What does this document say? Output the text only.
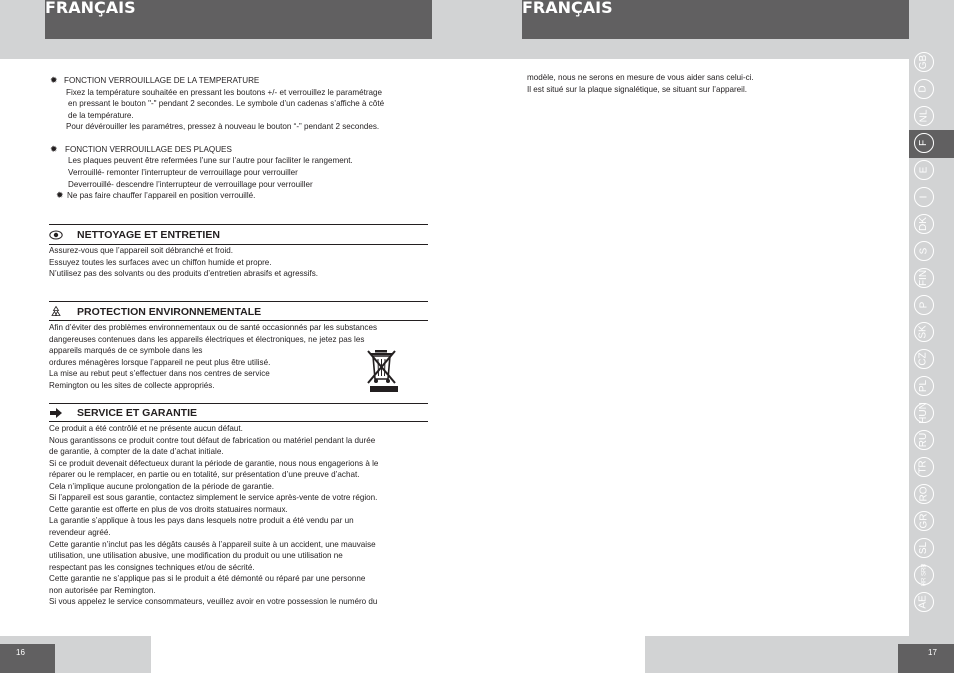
FRANÇAIS	FRANÇAIS
16	17
GB
D
NL
F
E
I
DK
S
FIN
P
SK
CZ
PL
HUN
RU
TR
RO
GR
SL
HR SRB
AE
✹ FONCTION VERROUILLAGE DE LA TEMPERATURE
Fixez la température souhaitée en pressant les boutons +/- et verrouillez le paramétrage
en pressant le bouton "-" pendant 2 secondes. Le symbole d’un cadenas s’affiche à côté
de la température.
Pour dévérouiller les paramétres, pressez à nouveau le bouton “-” pendant 2 secondes.
✹ FONCTION VERROUILLAGE DES PLAQUES
Les plaques peuvent être refermées l’une sur l’autre pour faciliter le rangement.
Verrouillé- remonter l’interrupteur de verrouillage pour verrouiller
Deverrouillé- descendre l’interrupteur de verrouillage pour verrouiller
✹ Ne pas faire chauffer l’appareil en position verrouillé.
NETTOYAGE ET ENTRETIEN
Assurez-vous que l’appareil soit débranché et froid.
Essuyez toutes les surfaces avec un chiffon humide et propre.
N’utilisez pas des solvants ou des produits d’entretien abrasifs et agressifs.
PROTECTION ENVIRONNEMENTALE
Afin d’éviter des problèmes environnementaux ou de santé occasionnés par les substances
dangereuses contenues dans les appareils électriques et électroniques, ne jetez pas les
appareils marqués de ce symbole dans les
ordures ménagères lorsque l’appareil ne peut plus être utilisé.
La mise au rebut peut s’effectuer dans nos centres de service
Remington ou les sites de collecte appropriés.
SERVICE ET GARANTIE
Ce produit a été contrôlé et ne présente aucun défaut.
Nous garantissons ce produit contre tout défaut de fabrication ou matériel pendant la durée
de garantie, à compter de la date d’achat initiale.
Si ce produit devenait défectueux durant la période de garantie, nous nous engagerions à le
réparer ou le remplacer, en partie ou en totalité, sur présentation d’une preuve d’achat.
Cela n’implique aucune prolongation de la période de garantie.
Si l’appareil est sous garantie, contactez simplement le service après-vente de votre région.
Cette garantie est offerte en plus de vos droits statuaires normaux.
La garantie s’applique à tous les pays dans lesquels notre produit a été vendu par un
revendeur agréé.
Cette garantie n’inclut pas les dégâts causés à l’appareil suite à un accident, une mauvaise
utilisation, une utilisation abusive, une modification du produit ou une utilisation ne
respectant pas les consignes techniques et/ou de sécrité.
Cette garantie ne s’applique pas si le produit a été démonté ou réparé par une personne
non autorisée par Remington.
Si vous appelez le service consommateurs, veuillez avoir en votre possession le numéro du
modèle, nous ne serons en mesure de vous aider sans celui-ci.
Il est situé sur la plaque signalétique, se situant sur l’appareil.
